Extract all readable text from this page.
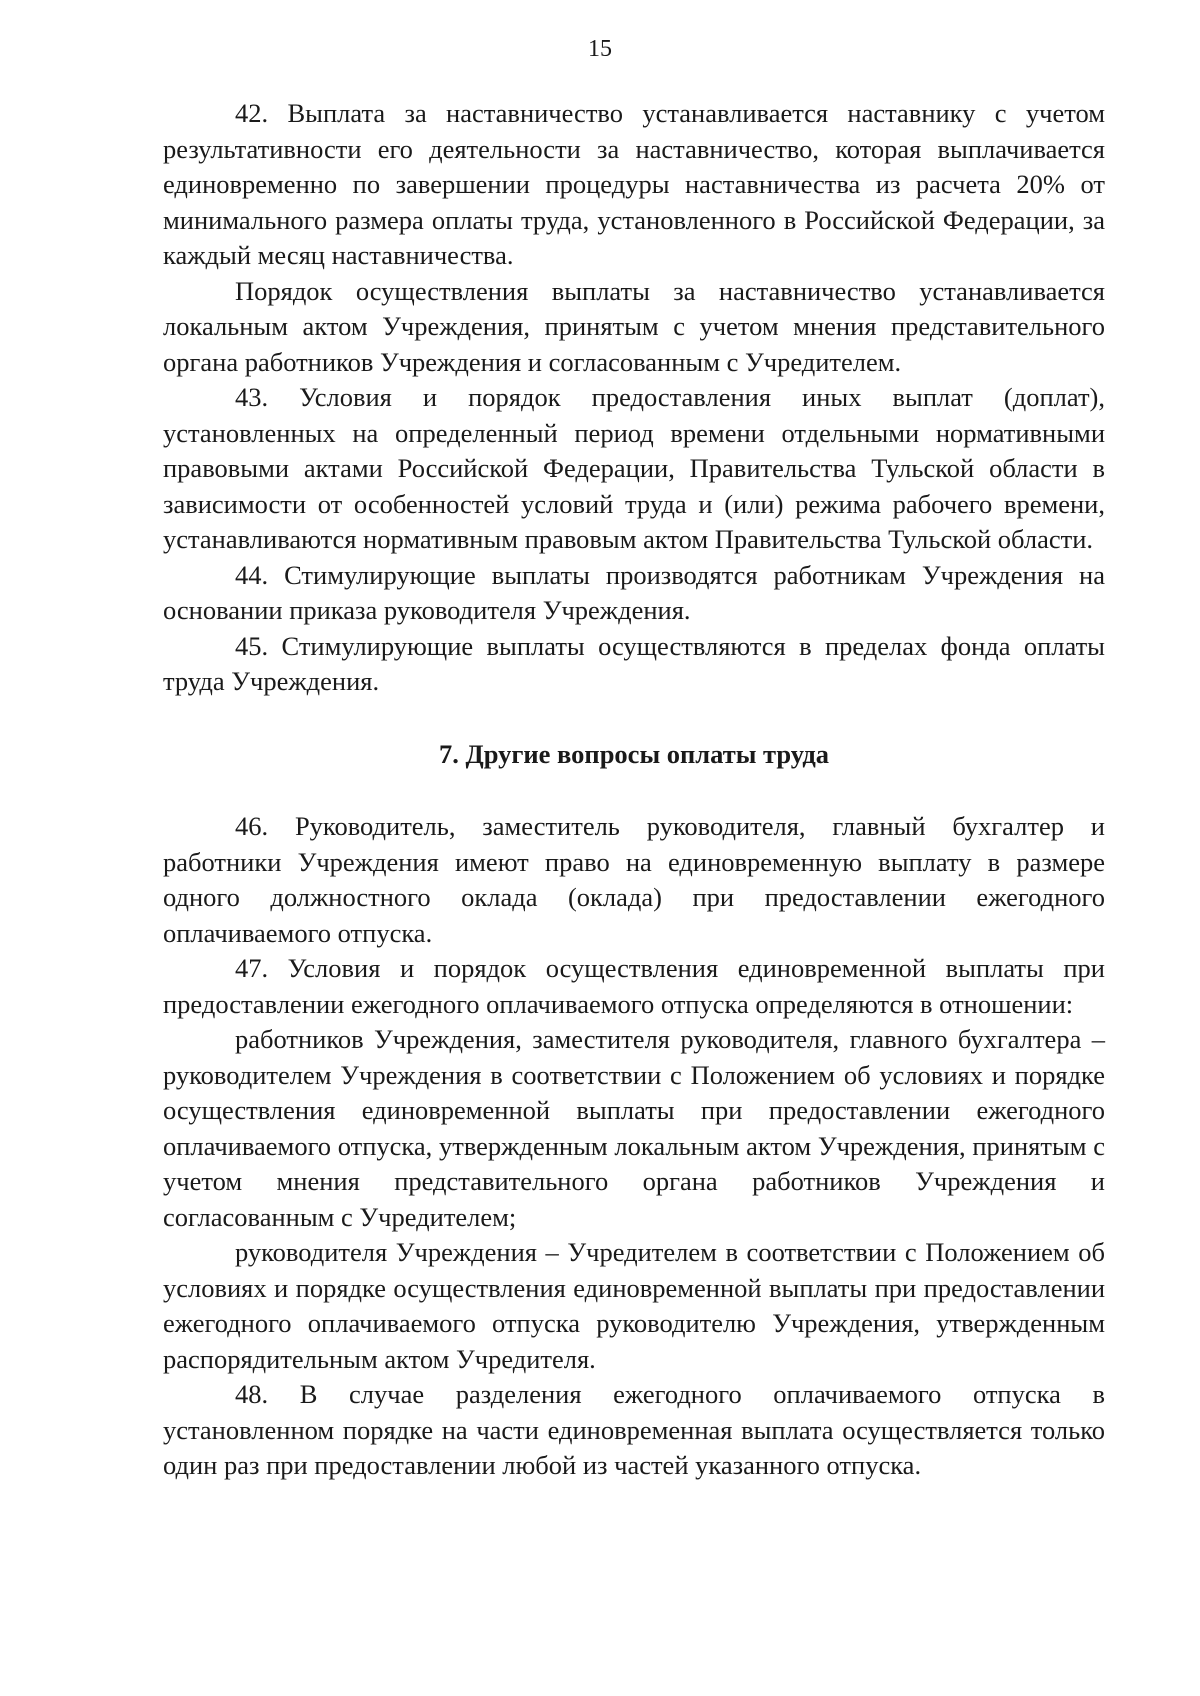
15

42. Выплата за наставничество устанавливается наставнику с учетом результативности его деятельности за наставничество, которая выплачивается единовременно по завершении процедуры наставничества из расчета 20% от минимального размера оплаты труда, установленного в Российской Федерации, за каждый месяц наставничества.

Порядок осуществления выплаты за наставничество устанавливается локальным актом Учреждения, принятым с учетом мнения представительного органа работников Учреждения и согласованным с Учредителем.

43. Условия и порядок предоставления иных выплат (доплат), установленных на определенный период времени отдельными нормативными правовыми актами Российской Федерации, Правительства Тульской области в зависимости от особенностей условий труда и (или) режима рабочего времени, устанавливаются нормативным правовым актом Правительства Тульской области.

44. Стимулирующие выплаты производятся работникам Учреждения на основании приказа руководителя Учреждения.

45. Стимулирующие выплаты осуществляются в пределах фонда оплаты труда Учреждения.

7. Другие вопросы оплаты труда

46. Руководитель, заместитель руководителя, главный бухгалтер и работники Учреждения имеют право на единовременную выплату в размере одного должностного оклада (оклада) при предоставлении ежегодного оплачиваемого отпуска.

47. Условия и порядок осуществления единовременной выплаты при предоставлении ежегодного оплачиваемого отпуска определяются в отношении:

работников Учреждения, заместителя руководителя, главного бухгалтера – руководителем Учреждения в соответствии с Положением об условиях и порядке осуществления единовременной выплаты при предоставлении ежегодного оплачиваемого отпуска, утвержденным локальным актом Учреждения, принятым с учетом мнения представительного органа работников Учреждения и согласованным с Учредителем;

руководителя Учреждения – Учредителем в соответствии с Положением об условиях и порядке осуществления единовременной выплаты при предоставлении ежегодного оплачиваемого отпуска руководителю Учреждения, утвержденным распорядительным актом Учредителя.

48. В случае разделения ежегодного оплачиваемого отпуска в установленном порядке на части единовременная выплата осуществляется только один раз при предоставлении любой из частей указанного отпуска.
